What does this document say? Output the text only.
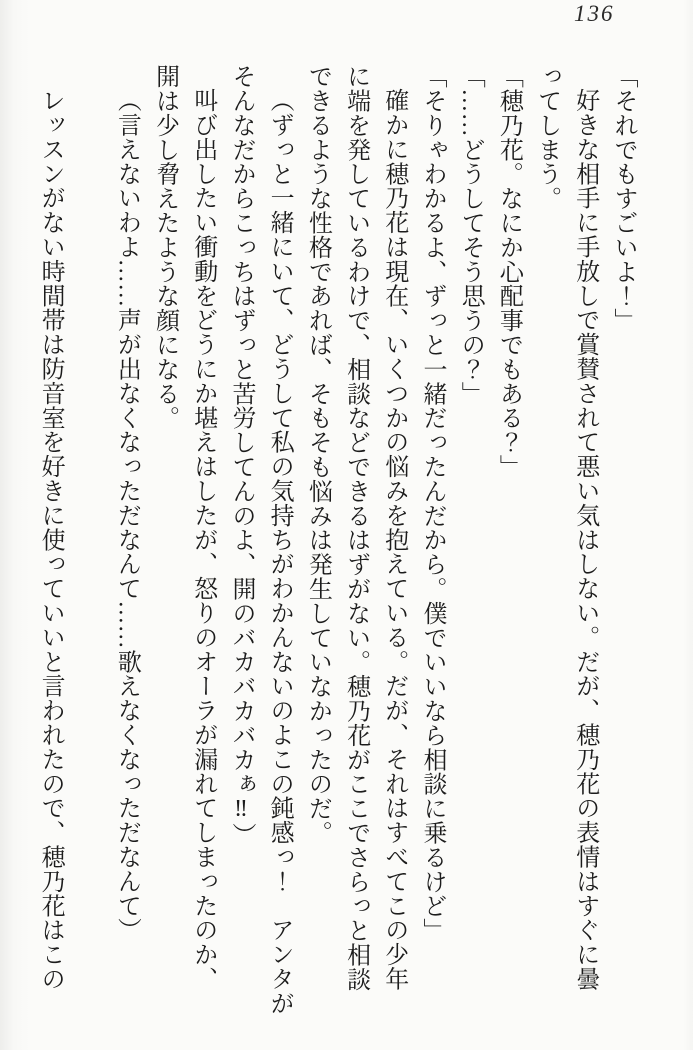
136
「それでもすごいよ！」
好きな相手に手放しで賞賛されて悪い気はしない。だが、穂乃花の表情はすぐに曇
ってしまう。
「穂乃花。なにか心配事でもある？」
「……どうしてそう思うの？」
「そりゃわかるよ、ずっと一緒だったんだから。僕でいいなら相談に乗るけど」
確かに穂乃花は現在、いくつかの悩みを抱えている。だが、それはすべてこの少年
に端を発しているわけで、相談などできるはずがない。穂乃花がここでさらっと相談
できるような性格であれば、そもそも悩みは発生していなかったのだ。
（ずっと一緒にいて、どうして私の気持ちがわかんないのよこの鈍感っ！　アンタが
そんなだからこっちはずっと苦労してんのよ、開のバカバカバカぁ‼）
叫び出したい衝動をどうにか堪えはしたが、怒りのオーラが漏れてしまったのか、
開は少し脅えたような顔になる。
（言えないわよ……声が出なくなっただなんて……歌えなくなっただなんて）
レッスンがない時間帯は防音室を好きに使っていいと言われたので、穂乃花はこの
